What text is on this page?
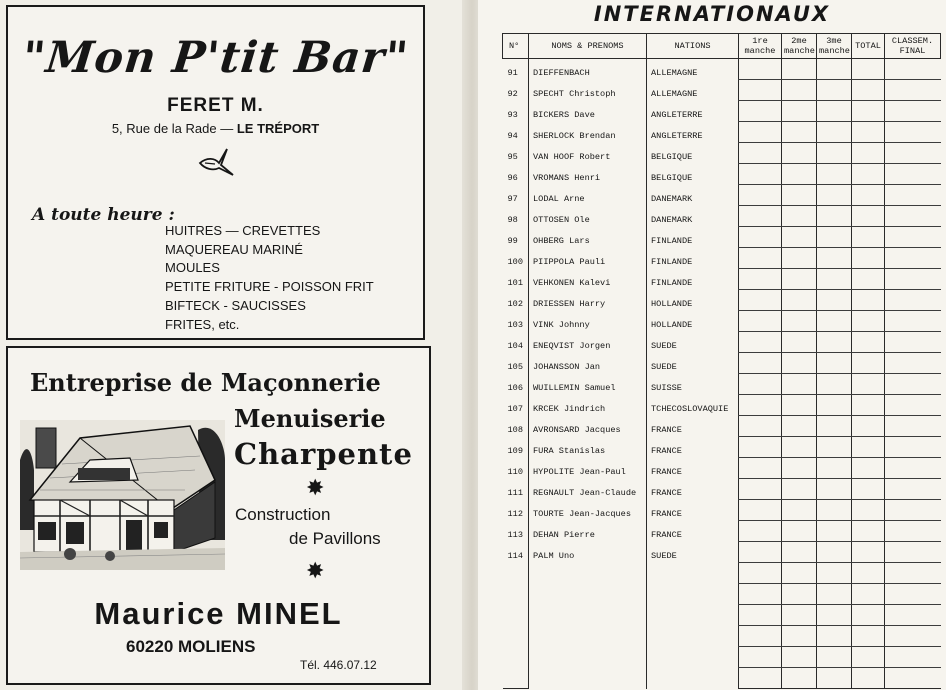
"Mon P'tit Bar"
FERET M.
5, Rue de la Rade — LE TRÉPORT
A toute heure :
HUITRES — CREVETTES
MAQUEREAU MARINÉ
MOULES
PETITE FRITURE - POISSON FRIT
BIFTECK - SAUCISSES
FRITES, etc.
Entreprise de Maçonnerie
Menuiserie
Charpente
✸
Construction
de Pavillons
✸
Maurice MINEL
60220 MOLIENS
Tél. 446.07.12
INTERNATIONAUX
N°	NOMS & PRENOMS	NATIONS	1re manche	2me manche	3me manche	TOTAL	CLASSEM. FINAL
91	DIEFFENBACH	ALLEMAGNE					
92	SPECHT Christoph	ALLEMAGNE					
93	BICKERS Dave	ANGLETERRE					
94	SHERLOCK Brendan	ANGLETERRE					
95	VAN HOOF Robert	BELGIQUE					
96	VROMANS Henri	BELGIQUE					
97	LODAL Arne	DANEMARK					
98	OTTOSEN Ole	DANEMARK					
99	OHBERG Lars	FINLANDE					
100	PIIPPOLA Pauli	FINLANDE					
101	VEHKONEN Kalevi	FINLANDE					
102	DRIESSEN Harry	HOLLANDE					
103	VINK Johnny	HOLLANDE					
104	ENEQVIST Jorgen	SUEDE					
105	JOHANSSON Jan	SUEDE					
106	WUILLEMIN Samuel	SUISSE					
107	KRCEK Jindrich	TCHECOSLOVAQUIE					
108	AVRONSARD Jacques	FRANCE					
109	FURA Stanislas	FRANCE					
110	HYPOLITE Jean-Paul	FRANCE					
111	REGNAULT Jean-Claude	FRANCE					
112	TOURTE Jean-Jacques	FRANCE					
113	DEHAN Pierre	FRANCE					
114	PALM Uno	SUEDE					
